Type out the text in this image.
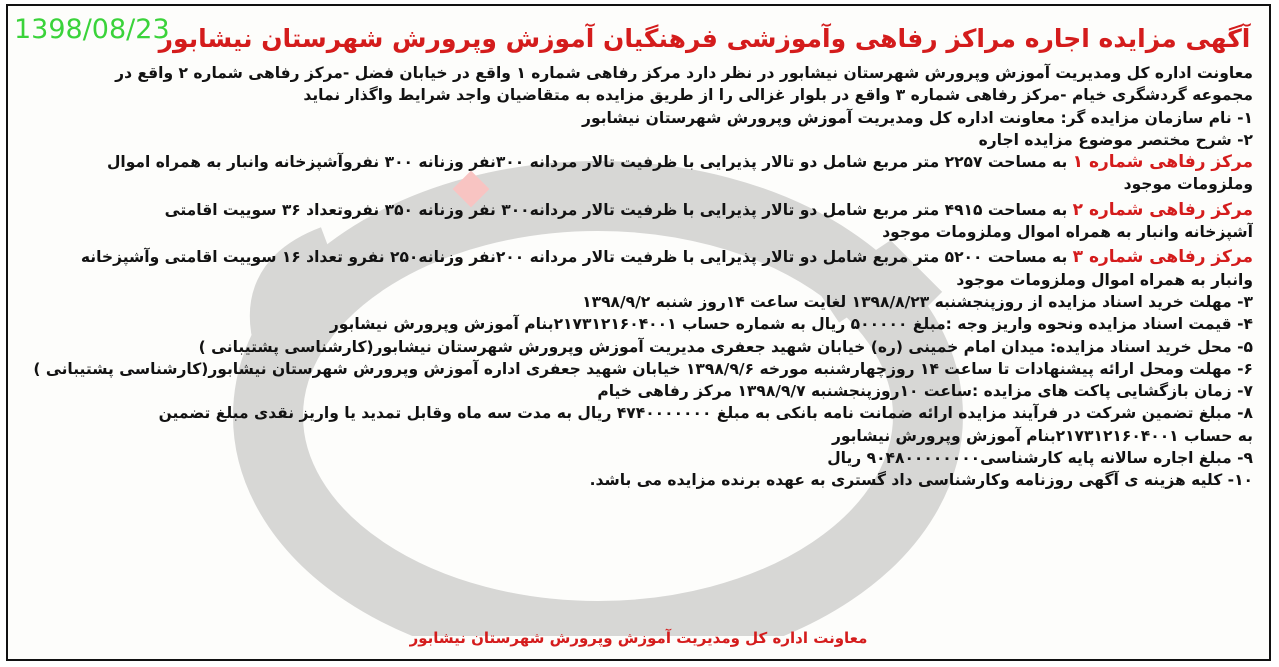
1398/08/23
آگهی مزایده اجاره مراکز رفاهی وآموزشی فرهنگیان آموزش وپرورش شهرستان نیشابور
معاونت اداره کل ومدیریت آموزش وپرورش شهرستان نیشابور در نظر دارد مرکز رفاهی شماره ۱ واقع در خیابان فضل -مرکز رفاهی شماره ۲ واقع در
مجموعه گردشگری خیام -مرکز رفاهی شماره ۳ واقع در بلوار غزالی را از طریق مزایده به متقاضیان واجد شرایط واگذار نماید
۱- نام سازمان مزایده گر: معاونت اداره کل ومدیریت آموزش وپرورش شهرستان نیشابور
۲- شرح مختصر موضوع مزایده اجاره
مرکز رفاهی شماره ۱ به مساحت ۲۲۵۷ متر مربع شامل دو تالار پذیرایی با ظرفیت تالار مردانه ۳۰۰نفر وزنانه ۳۰۰ نفروآشپزخانه وانبار به همراه اموال
وملزومات موجود
مرکز رفاهی شماره ۲ به مساحت ۴۹۱۵ متر مربع شامل دو تالار پذیرایی با ظرفیت تالار مردانه۳۰۰ نفر وزنانه ۳۵۰ نفروتعداد ۳۶ سوییت اقامتی
آشپزخانه وانبار به همراه اموال وملزومات موجود
مرکز رفاهی شماره ۳ به مساحت ۵۲۰۰ متر مربع شامل دو تالار پذیرایی با ظرفیت تالار مردانه ۲۰۰نفر وزنانه۲۵۰ نفرو تعداد ۱۶ سوییت اقامتی وآشپزخانه
وانبار به همراه اموال وملزومات موجود
۳- مهلت خرید اسناد مزایده از روزپنجشنبه ۱۳۹۸/۸/۲۳ لغایت ساعت ۱۴روز شنبه ۱۳۹۸/۹/۲
۴- قیمت اسناد مزایده ونحوه واریز وجه :مبلغ ۵۰۰۰۰۰ ریال به شماره حساب ۲۱۷۳۱۲۱۶۰۴۰۰۱بنام آموزش وپرورش نیشابور
۵- محل خرید اسناد مزایده: میدان امام خمینی (ره) خیابان شهید جعفری مدیریت آموزش وپرورش شهرستان نیشابور(کارشناسی پشتیبانی )
۶- مهلت ومحل ارائه پیشنهادات تا ساعت ۱۴ روزچهارشنبه مورخه ۱۳۹۸/۹/۶ خیابان شهید جعفری اداره آموزش وپرورش شهرستان نیشابور(کارشناسی پشتیبانی )
۷- زمان بازگشایی پاکت های مزایده :ساعت ۱۰روزپنجشنبه ۱۳۹۸/۹/۷ مرکز رفاهی خیام
۸- مبلغ تضمین شرکت در فرآیند مزایده ارائه ضمانت نامه بانکی به مبلغ ۴۷۴۰۰۰۰۰۰۰ ریال به مدت سه ماه وقابل تمدید یا واریز نقدی مبلغ تضمین
به حساب ۲۱۷۳۱۲۱۶۰۴۰۰۱بنام آموزش وپرورش نیشابور
۹- مبلغ اجاره سالانه پایه کارشناسی۹۰۴۸۰۰۰۰۰۰۰۰ ریال
۱۰- کلیه هزینه ی آگهی روزنامه وکارشناسی داد گستری به عهده برنده مزایده می باشد.
معاونت اداره کل ومدیریت آموزش وپرورش شهرستان نیشابور
